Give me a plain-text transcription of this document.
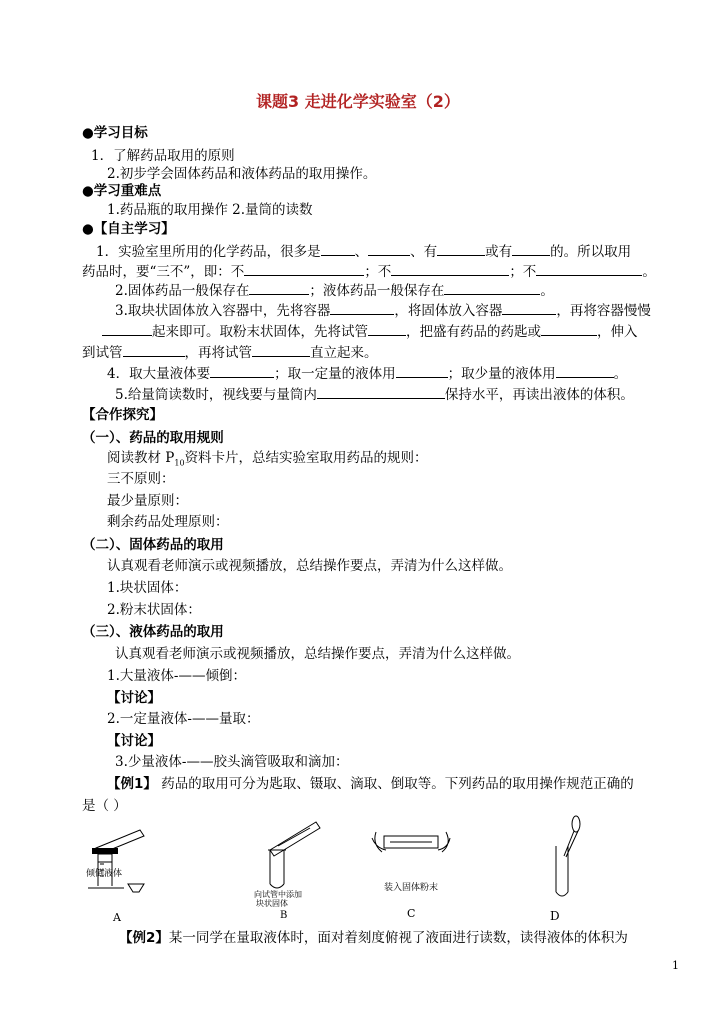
课题3 走进化学实验室（2）
●学习目标
1．了解药品取用的原则
2.初步学会固体药品和液体药品的取用操作。
●学习重难点
1.药品瓶的取用操作 2.量筒的读数
●【自主学习】
1．实验室里所用的化学药品，很多是	、	、有	或有	的。所以取用
药品时，要“三不”，即：不	；不	；不	。
2.固体药品一般保存在	；液体药品一般保存在	。
3.取块状固体放入容器中，先将容器	，将固体放入容器	，再将容器慢慢
起来即可。取粉末状固体，先将试管	，把盛有药品的药匙或	，伸入
到试管	，再将试管	直立起来。
4．取大量液体要	；取一定量的液体用	；取少量的液体用	。
5.给量筒读数时，视线要与量筒内	保持水平，再读出液体的体积。
【合作探究】
（一）、药品的取用规则
阅读教材 $P_{10}$资料卡片，总结实验室取用药品的规则：
三不原则：
最少量原则：
剩余药品处理原则：
（二）、固体药品的取用
认真观看老师演示或视频播放，总结操作要点，弄清为什么这样做。
1.块状固体：
2.粉末状固体：
（三）、液体药品的取用
认真观看老师演示或视频播放，总结操作要点，弄清为什么这样做。
1.大量液体-——倾倒：
【讨论】
2.一定量液体-——量取：
【讨论】
3.少量液体-——胶头滴管吸取和滴加：
【例1】 药品的取用可分为匙取、镊取、滴取、倒取等。下列药品的取用操作规范正确的
是（ ）
倾倒液体
A
向试管中添加
块状固体
B
装入固体粉末
C	D
【例2】某一同学在量取液体时，面对着刻度俯视了液面进行读数，读得液体的体积为
1
